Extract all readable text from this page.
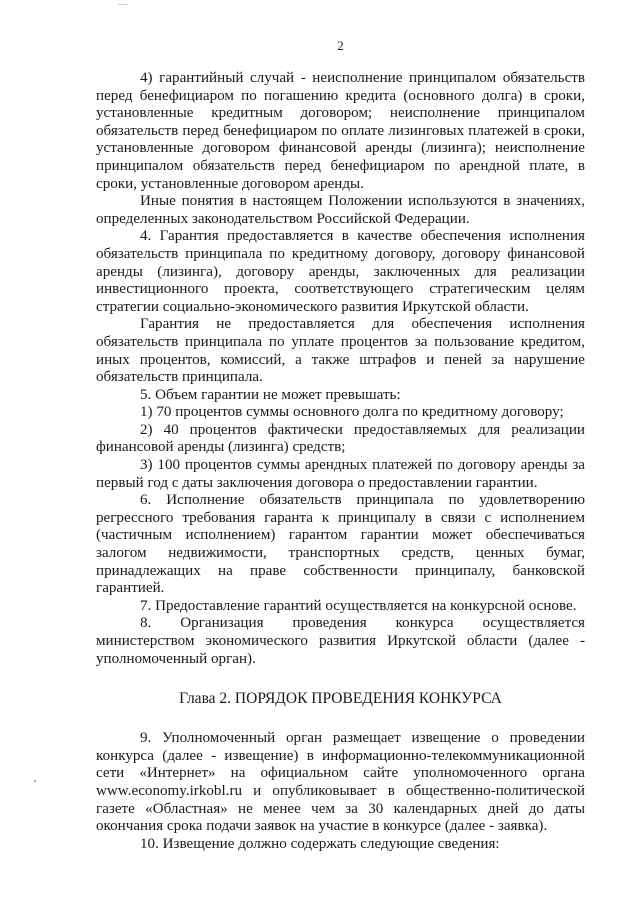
2

4) гарантийный случай - неисполнение принципалом обязательств перед бенефициаром по погашению кредита (основного долга) в сроки, установленные кредитным договором; неисполнение принципалом обязательств перед бенефициаром по оплате лизинговых платежей в сроки, установленные договором финансовой аренды (лизинга); неисполнение принципалом обязательств перед бенефициаром по арендной плате, в сроки, установленные договором аренды.

Иные понятия в настоящем Положении используются в значениях, определенных законодательством Российской Федерации.

4. Гарантия предоставляется в качестве обеспечения исполнения обязательств принципала по кредитному договору, договору финансовой аренды (лизинга), договору аренды, заключенных для реализации инвестиционного проекта, соответствующего стратегическим целям стратегии социально-экономического развития Иркутской области.

Гарантия не предоставляется для обеспечения исполнения обязательств принципала по уплате процентов за пользование кредитом, иных процентов, комиссий, а также штрафов и пеней за нарушение обязательств принципала.

5. Объем гарантии не может превышать:

1) 70 процентов суммы основного долга по кредитному договору;

2) 40 процентов фактически предоставляемых для реализации финансовой аренды (лизинга) средств;

3) 100 процентов суммы арендных платежей по договору аренды за первый год с даты заключения договора о предоставлении гарантии.

6. Исполнение обязательств принципала по удовлетворению регрессного требования гаранта к принципалу в связи с исполнением (частичным исполнением) гарантом гарантии может обеспечиваться залогом недвижимости, транспортных средств, ценных бумаг, принадлежащих на праве собственности принципалу, банковской гарантией.

7. Предоставление гарантий осуществляется на конкурсной основе.

8. Организация проведения конкурса осуществляется министерством экономического развития Иркутской области (далее - уполномоченный орган).

Глава 2. ПОРЯДОК ПРОВЕДЕНИЯ КОНКУРСА

9. Уполномоченный орган размещает извещение о проведении конкурса (далее - извещение) в информационно-телекоммуникационной сети «Интернет» на официальном сайте уполномоченного органа www.economy.irkobl.ru и опубликовывает в общественно-политической газете «Областная» не менее чем за 30 календарных дней до даты окончания срока подачи заявок на участие в конкурсе (далее - заявка).

10. Извещение должно содержать следующие сведения:
